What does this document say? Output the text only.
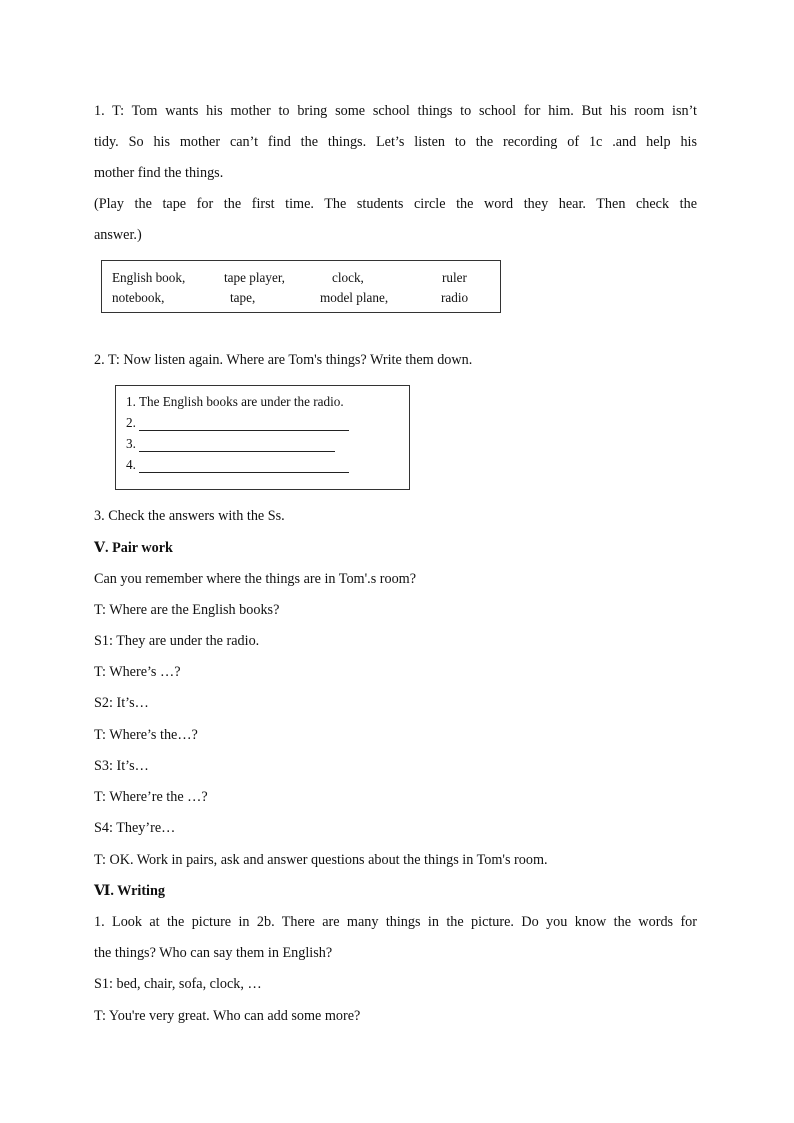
1. T: Tom wants his mother to bring some school things to school for him. But his room isn’t
tidy. So his mother can’t find the things. Let’s listen to the recording of 1c .and help his
mother find the things.
(Play the tape for the first time. The students circle the word they hear. Then check the
answer.)
English book,	tape player,	clock,	ruler
notebook,	tape,	model plane,	radio
2. T: Now listen again. Where are Tom's things? Write them down.
1. The English books are under the radio.
2.
3.
4.
3. Check the answers with the Ss.
Ⅴ. Pair work
Can you remember where the things are in Tom'.s room?
T: Where are the English books?
S1: They are under the radio.
T: Where’s …?
S2: It’s…
T: Where’s the…?
S3: It’s…
T: Where’re the …?
S4: They’re…
T: OK. Work in pairs, ask and answer questions about the things in Tom's room.
Ⅵ. Writing
1. Look at the picture in 2b. There are many things in the picture. Do you know the words for
the things? Who can say them in English?
S1: bed, chair, sofa, clock, …
T: You're very great. Who can add some more?
